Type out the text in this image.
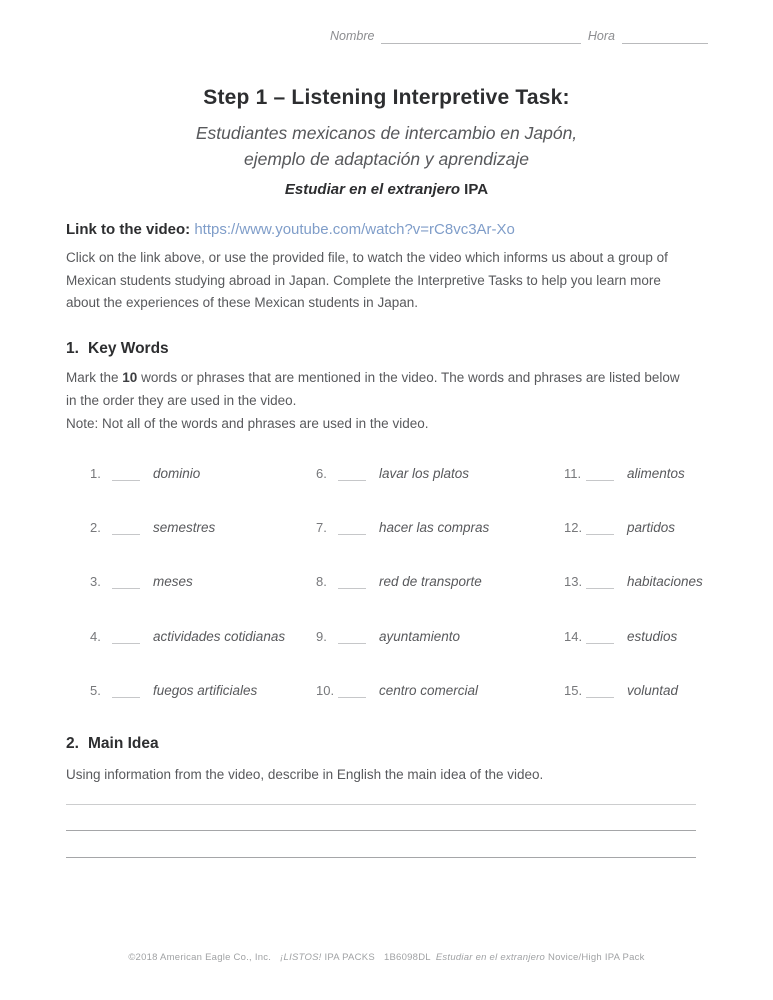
Nombre	Hora
Step 1 – Listening Interpretive Task:
Estudiantes mexicanos de intercambio en Japón,
ejemplo de adaptación y aprendizaje
Estudiar en el extranjero IPA
Link to the video: https://www.youtube.com/watch?v=rC8vc3Ar-Xo

Click on the link above, or use the provided file, to watch the video which informs us about a group of Mexican students studying abroad in Japan. Complete the Interpretive Tasks to help you learn more about the experiences of these Mexican students in Japan.

1. Key Words

Mark the 10 words or phrases that are mentioned in the video. The words and phrases are listed below in the order they are used in the video.

Note: Not all of the words and phrases are used in the video.

1.	dominio
2.	semestres
3.	meses
4.	actividades cotidianas
5.	fuegos artificiales
6.	lavar los platos
7.	hacer las compras
8.	red de transporte
9.	ayuntamiento
10.	centro comercial
11.	alimentos
12.	partidos
13.	habitaciones
14.	estudios
15.	voluntad
2. Main Idea

Using information from the video, describe in English the main idea of the video.

©2018 American Eagle Co., Inc. ¡LISTOS! IPA PACKS 1B6098DL Estudiar en el extranjero Novice/High IPA Pack
